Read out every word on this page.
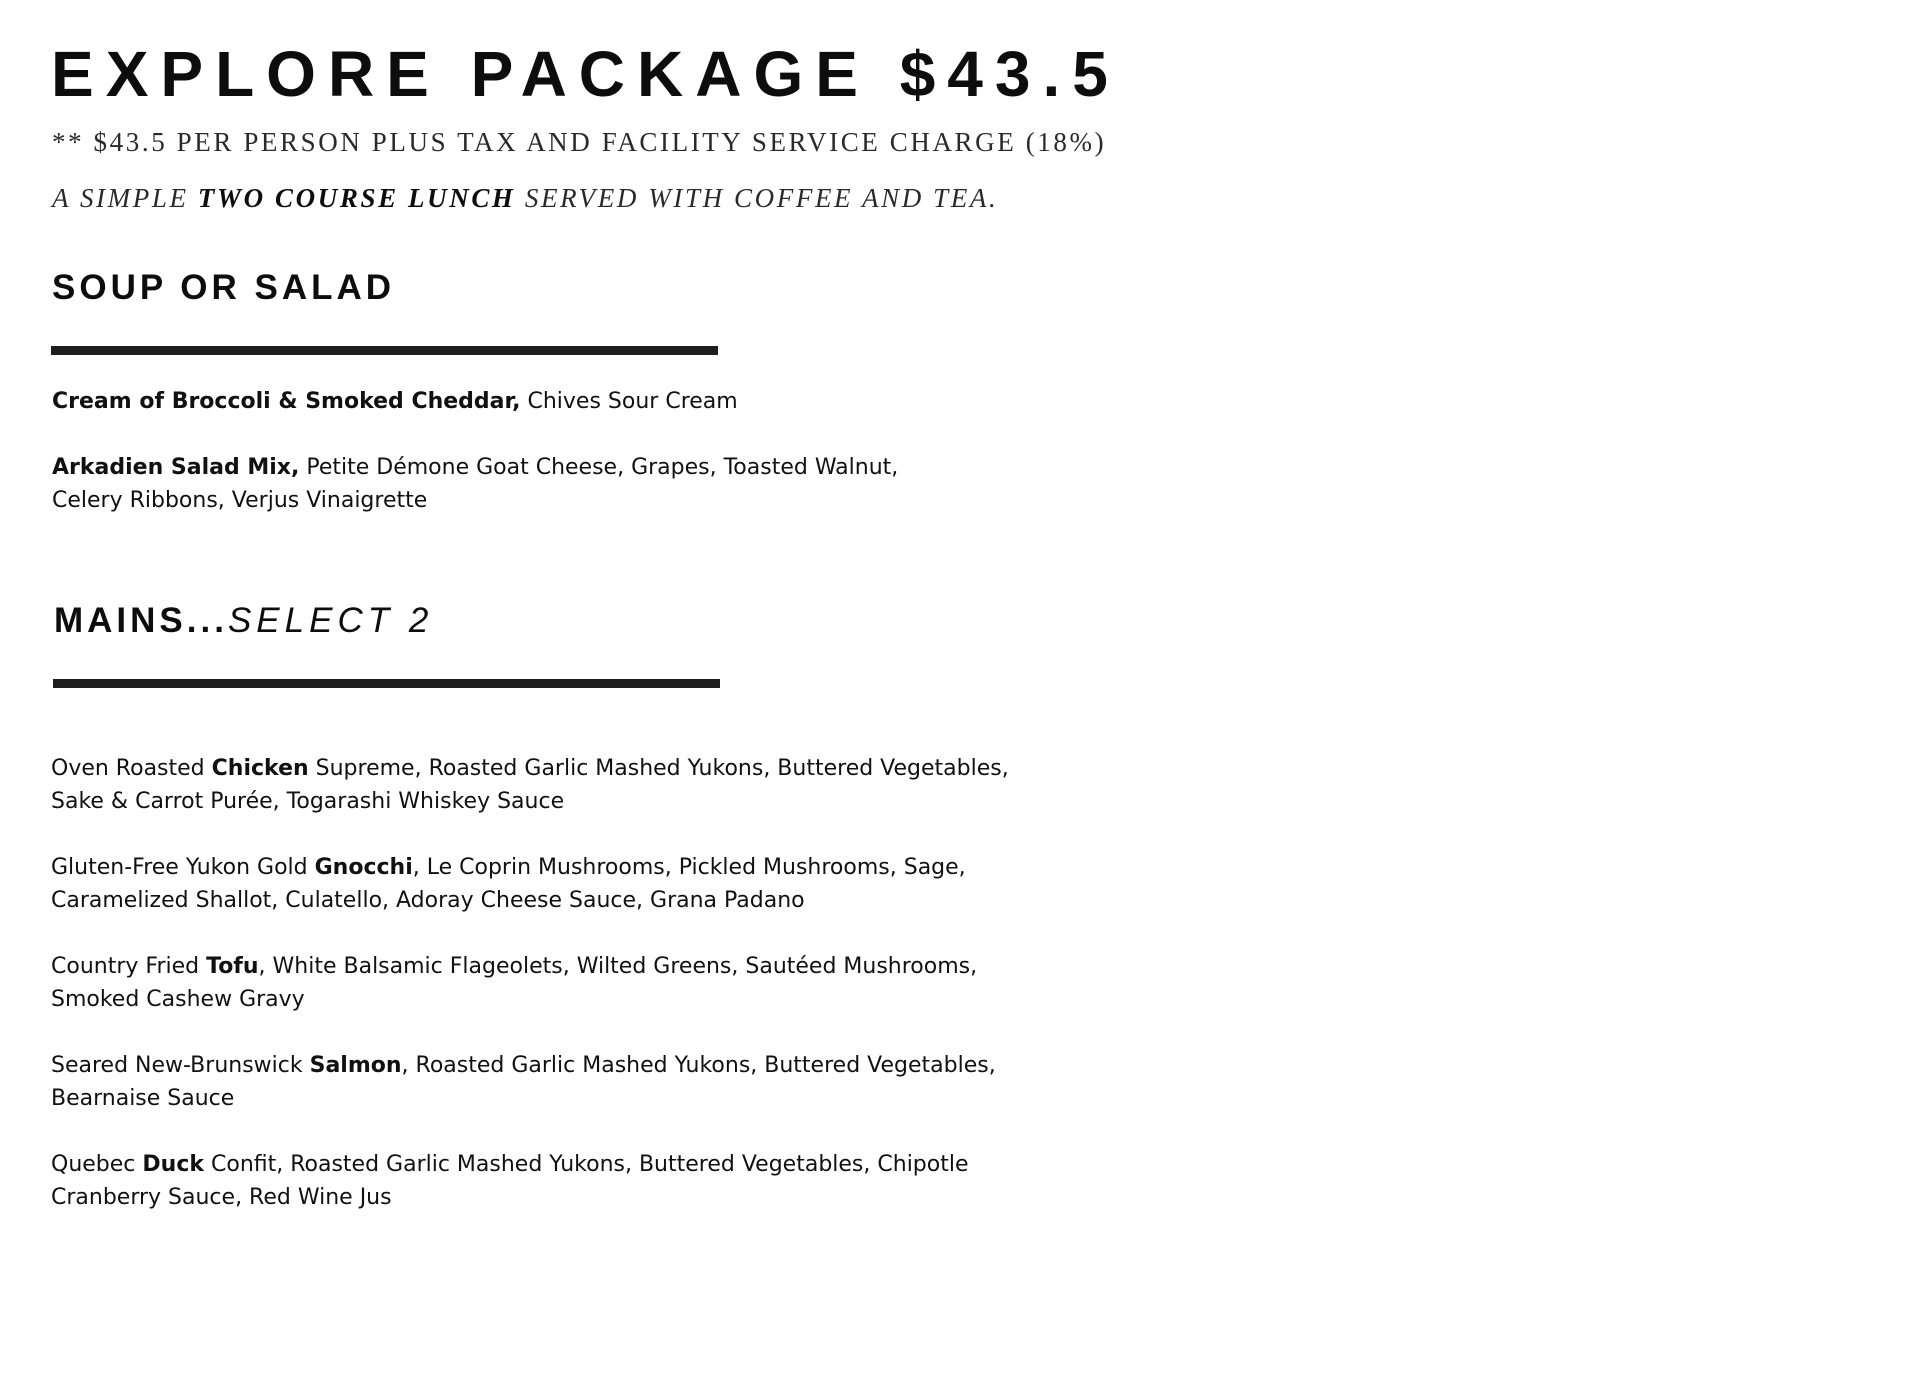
EXPLORE PACKAGE $43.5
** $43.5 PER PERSON PLUS TAX AND FACILITY SERVICE CHARGE (18%)
A SIMPLE TWO COURSE LUNCH SERVED WITH COFFEE AND TEA.
SOUP OR SALAD

Cream of Broccoli & Smoked Cheddar, Chives Sour Cream

Arkadien Salad Mix, Petite Démone Goat Cheese, Grapes, Toasted Walnut, Celery Ribbons, Verjus Vinaigrette

MAINS...SELECT 2

Oven Roasted Chicken Supreme, Roasted Garlic Mashed Yukons, Buttered Vegetables, Sake & Carrot Purée, Togarashi Whiskey Sauce

Gluten-Free Yukon Gold Gnocchi, Le Coprin Mushrooms, Pickled Mushrooms, Sage, Caramelized Shallot, Culatello, Adoray Cheese Sauce, Grana Padano

Country Fried Tofu, White Balsamic Flageolets, Wilted Greens, Sautéed Mushrooms, Smoked Cashew Gravy

Seared New-Brunswick Salmon, Roasted Garlic Mashed Yukons, Buttered Vegetables, Bearnaise Sauce

Quebec Duck Confit, Roasted Garlic Mashed Yukons, Buttered Vegetables, Chipotle Cranberry Sauce, Red Wine Jus
